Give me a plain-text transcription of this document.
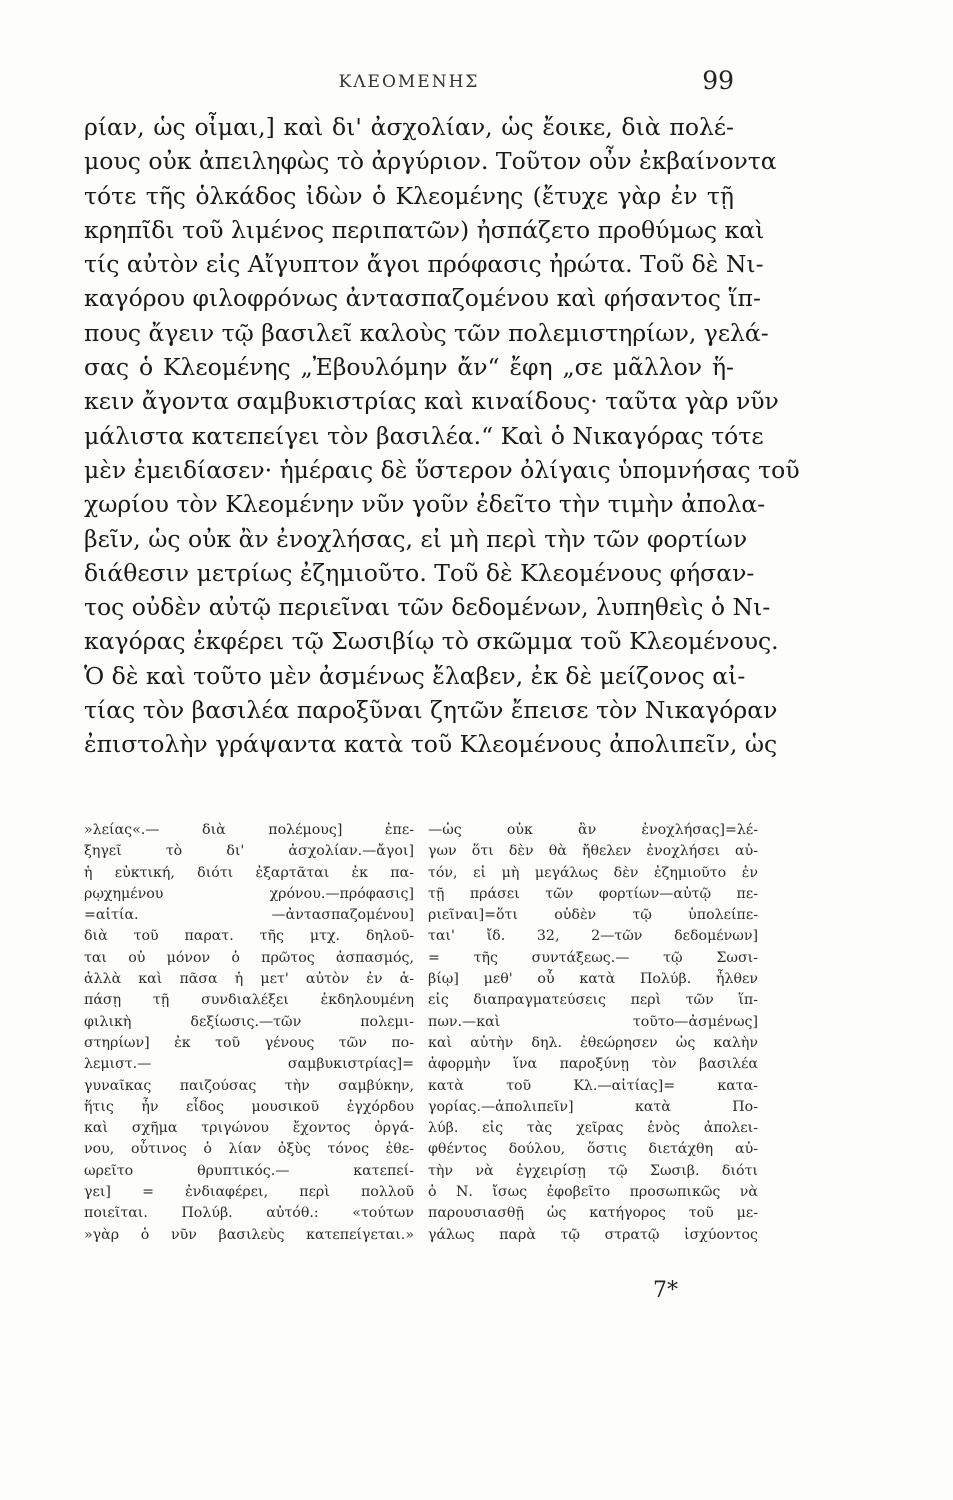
ΚΛΕΟΜΕΝΗΣ	99
ρίαν, ὡς οἶμαι,] καὶ δι' ἀσχολίαν, ὡς ἔοικε, διὰ πολέ-
μους οὐκ ἀπειληφὼς τὸ ἀργύριον. Τοῦτον οὖν ἐκβαίνοντα
τότε τῆς ὁλκάδος ἰδὼν ὁ Κλεομένης (ἔτυχε γὰρ ἐν τῇ
κρηπῖδι τοῦ λιμένος περιπατῶν) ἠσπάζετο προθύμως καὶ
τίς αὐτὸν εἰς Αἴγυπτον ἄγοι πρόφασις ἠρώτα. Τοῦ δὲ Νι-
καγόρου φιλοφρόνως ἀντασπαζομένου καὶ φήσαντος ἵπ-
πους ἄγειν τῷ βασιλεῖ καλοὺς τῶν πολεμιστηρίων, γελά-
σας ὁ Κλεομένης „Ἐβουλόμην ἄν“ ἔφη „σε μᾶλλον ἥ-
κειν ἄγοντα σαμβυκιστρίας καὶ κιναίδους· ταῦτα γὰρ νῦν
μάλιστα κατεπείγει τὸν βασιλέα.“ Καὶ ὁ Νικαγόρας τότε
μὲν ἐμειδίασεν· ἡμέραις δὲ ὕστερον ὀλίγαις ὑπομνήσας τοῦ
χωρίου τὸν Κλεομένην νῦν γοῦν ἐδεῖτο τὴν τιμὴν ἀπολα-
βεῖν, ὡς οὐκ ἂν ἐνοχλήσας, εἰ μὴ περὶ τὴν τῶν φορτίων
διάθεσιν μετρίως ἐζημιοῦτο. Τοῦ δὲ Κλεομένους φήσαν-
τος οὐδὲν αὐτῷ περιεῖναι τῶν δεδομένων, λυπηθεὶς ὁ Νι-
καγόρας ἐκφέρει τῷ Σωσιβίῳ τὸ σκῶμμα τοῦ Κλεομένους.
Ὁ δὲ καὶ τοῦτο μὲν ἀσμένως ἔλαβεν, ἐκ δὲ μείζονος αἰ-
τίας τὸν βασιλέα παροξῦναι ζητῶν ἔπεισε τὸν Νικαγόραν
ἐπιστολὴν γράψαντα κατὰ τοῦ Κλεομένους ἀπολιπεῖν, ὡς
»λείας«.— διὰ πολέμους] ἐπε-
ξηγεῖ τὸ δι' ἀσχολίαν.—ἄγοι]
ἡ εὐκτική, διότι ἐξαρτᾶται ἐκ πα-
ρῳχημένου χρόνου.—πρόφασις]
=αἰτία. —ἀντασπαζομένου]
διὰ τοῦ παρατ. τῆς μτχ. δηλοῦ-
ται οὐ μόνον ὁ πρῶτος ἀσπασμός,
ἀλλὰ καὶ πᾶσα ἡ μετ' αὐτὸν ἐν ἁ-
πάσῃ τῇ συνδιαλέξει ἐκδηλουμένη
φιλικὴ δεξίωσις.—τῶν πολεμι-
στηρίων] ἐκ τοῦ γένους τῶν πο-
λεμιστ.— σαμβυκιστρίας]=
γυναῖκας παιζούσας τὴν σαμβύκην,
ἥτις ἦν εἶδος μουσικοῦ ἐγχόρδου
καὶ σχῆμα τριγώνου ἔχοντος ὀργά-
νου, οὗτινος ὁ λίαν ὀξὺς τόνος ἐθε-
ωρεῖτο θρυπτικός.— κατεπεί-
γει] = ἐνδιαφέρει, περὶ πολλοῦ
ποιεῖται. Πολύβ. αὐτόθ.: «τούτων
»γὰρ ὁ νῦν βασιλεὺς κατεπείγεται.»
—ὡς οὐκ ἂν ἐνοχλήσας]=λέ-
γων ὅτι δὲν θὰ ἤθελεν ἐνοχλήσει αὐ-
τόν, εἰ μὴ μεγάλως δὲν ἐζημιοῦτο ἐν
τῇ πράσει τῶν φορτίων—αὐτῷ πε-
ριεῖναι]=ὅτι οὐδὲν τῷ ὑπολείπε-
ται' ἴδ. 32, 2—τῶν δεδομένων]
= τῆς συντάξεως.— τῷ Σωσι-
βίῳ] μεθ' οὗ κατὰ Πολύβ. ἦλθεν
εἰς διαπραγματεύσεις περὶ τῶν ἵπ-
πων.—καὶ τοῦτο—ἀσμένως]
καὶ αὐτὴν δηλ. ἐθεώρησεν ὡς καλὴν
ἀφορμὴν ἵνα παροξύνῃ τὸν βασιλέα
κατὰ τοῦ Κλ.—αἰτίας]= κατα-
γορίας.—ἀπολιπεῖν] κατὰ Πο-
λύβ. εἰς τὰς χεῖρας ἑνὸς ἀπολει-
φθέντος δούλου, ὅστις διετάχθη αὐ-
τὴν νὰ ἐγχειρίσῃ τῷ Σωσιβ. διότι
ὁ Ν. ἴσως ἐφοβεῖτο προσωπικῶς νὰ
παρουσιασθῇ ὡς κατήγορος τοῦ με-
γάλως παρὰ τῷ στρατῷ ἰσχύοντος
7*
